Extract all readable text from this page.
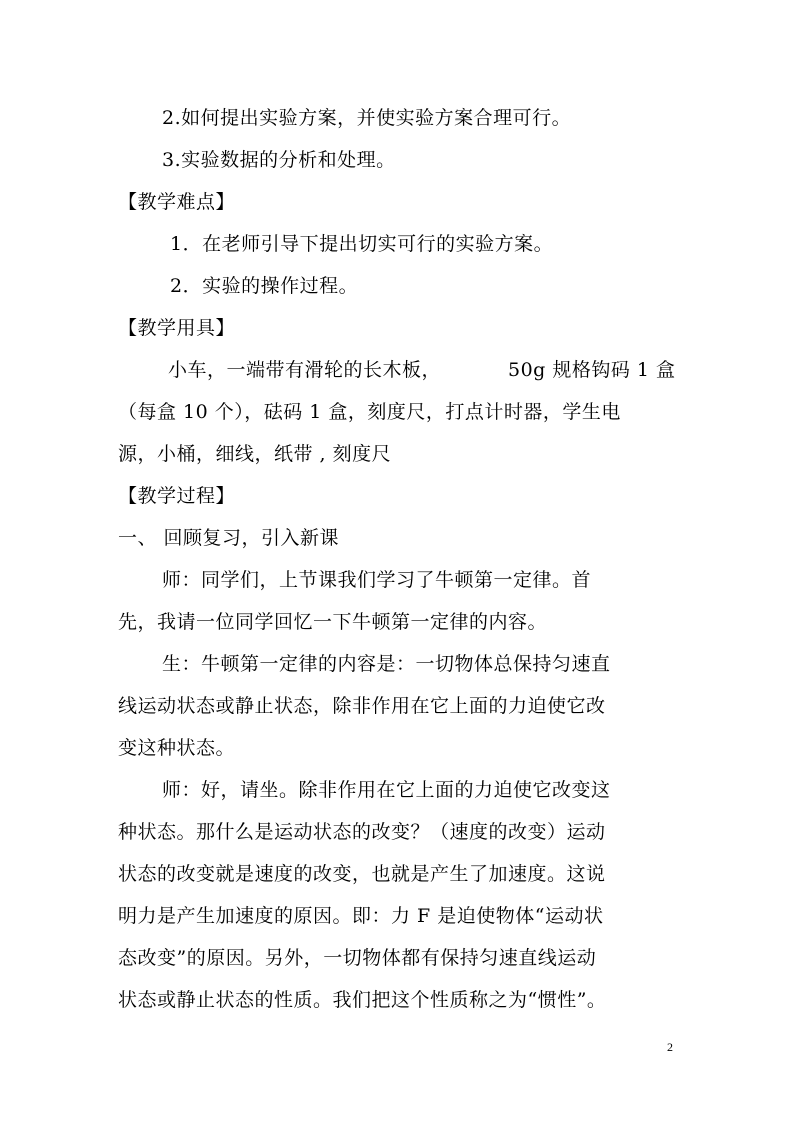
2.如何提出实验方案，并使实验方案合理可行。
3.实验数据的分析和处理。
【教学难点】
1．在老师引导下提出切实可行的实验方案。
2．实验的操作过程。
【教学用具】
小车，一端带有滑轮的长木板，	50g 规格钩码 1 盒
（每盒 10 个），砝码 1 盒，刻度尺，打点计时器，学生电
源，小桶，细线，纸带 , 刻度尺
【教学过程】
一、 回顾复习，引入新课
师：同学们，上节课我们学习了牛顿第一定律。首
先，我请一位同学回忆一下牛顿第一定律的内容。
生：牛顿第一定律的内容是：一切物体总保持匀速直
线运动状态或静止状态，除非作用在它上面的力迫使它改
变这种状态。
师：好，请坐。除非作用在它上面的力迫使它改变这
种状态。那什么是运动状态的改变？（速度的改变）运动
状态的改变就是速度的改变，也就是产生了加速度。这说
明力是产生加速度的原因。即：力 F 是迫使物体“运动状
态改变”的原因。另外，一切物体都有保持匀速直线运动
状态或静止状态的性质。我们把这个性质称之为“惯性”。
2
